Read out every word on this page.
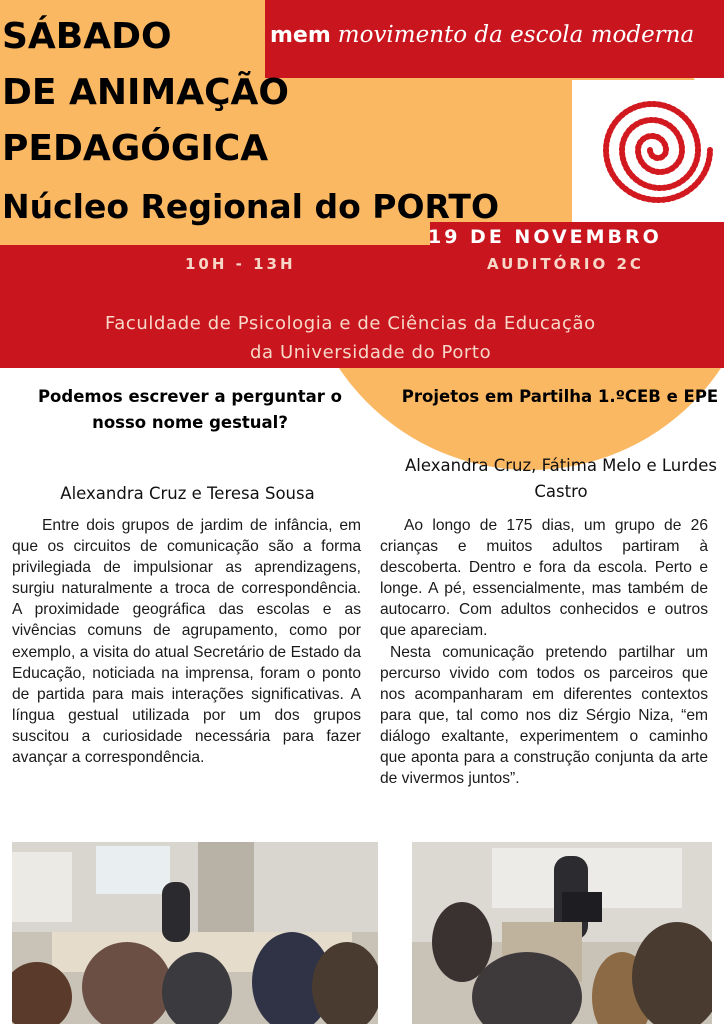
SÁBADO
DE ANIMAÇÃO
PEDAGÓGICA
Núcleo Regional do PORTO
mem movimento da escola moderna
19 DE NOVEMBRO
10H - 13H	AUDITÓRIO 2C
Faculdade de Psicologia e de Ciências da Educação
da Universidade do Porto
Podemos escrever a perguntar o nosso nome gestual?
Alexandra Cruz e Teresa Sousa

Entre dois grupos de jardim de infância, em que os circuitos de comunicação são a forma privilegiada de impulsionar as aprendizagens, surgiu naturalmente a troca de correspondência. A proximidade geográfica das escolas e as vivências comuns de agrupamento, como por exemplo, a visita do atual Secretário de Estado da Educação, noticiada na imprensa, foram o ponto de partida para mais interações significativas. A língua gestual utilizada por um dos grupos suscitou a curiosidade necessária para fazer avançar a correspondência.

Projetos em Partilha 1.ºCEB e EPE
Alexandra Cruz, Fátima Melo e Lurdes Castro

Ao longo de 175 dias, um grupo de 26 crianças e muitos adultos partiram à descoberta. Dentro e fora da escola. Perto e longe. A pé, essencialmente, mas também de autocarro. Com adultos conhecidos e outros que apareciam.

Nesta comunicação pretendo partilhar um percurso vivido com todos os parceiros que nos acompanharam em diferentes contextos para que, tal como nos diz Sérgio Niza, “em diálogo exaltante, experimentem o caminho que aponta para a construção conjunta da arte de vivermos juntos”.
